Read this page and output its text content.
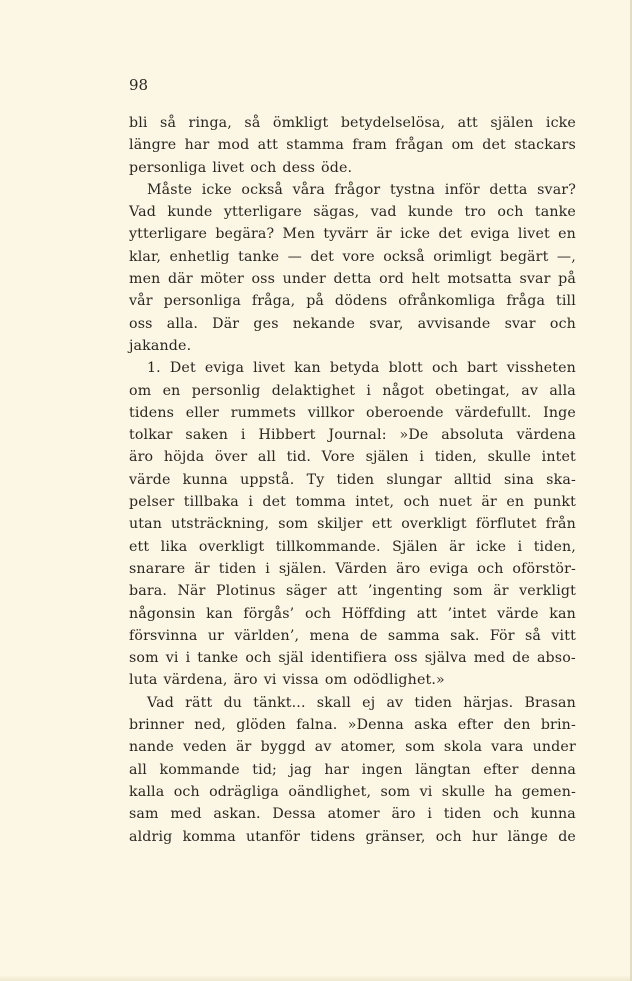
98
bli så ringa, så ömkligt betydelselösa, att själen icke
längre har mod att stamma fram frågan om det stackars
personliga livet och dess öde.
Måste icke också våra frågor tystna inför detta svar?
Vad kunde ytterligare sägas, vad kunde tro och tanke
ytterligare begära? Men tyvärr är icke det eviga livet en
klar, enhetlig tanke — det vore också orimligt begärt —,
men där möter oss under detta ord helt motsatta svar på
vår personliga fråga, på dödens ofrånkomliga fråga till
oss alla. Där ges nekande svar, avvisande svar och
jakande.
1. Det eviga livet kan betyda blott och bart vissheten
om en personlig delaktighet i något obetingat, av alla
tidens eller rummets villkor oberoende värdefullt. Inge
tolkar saken i Hibbert Journal: »De absoluta värdena
äro höjda över all tid. Vore själen i tiden, skulle intet
värde kunna uppstå. Ty tiden slungar alltid sina ska-
pelser tillbaka i det tomma intet, och nuet är en punkt
utan utsträckning, som skiljer ett overkligt förflutet från
ett lika overkligt tillkommande. Själen är icke i tiden,
snarare är tiden i själen. Värden äro eviga och oförstör-
bara. När Plotinus säger att ’ingenting som är verkligt
någonsin kan förgås’ och Höffding att ’intet värde kan
försvinna ur världen’, mena de samma sak. För så vitt
som vi i tanke och själ identifiera oss själva med de abso-
luta värdena, äro vi vissa om odödlighet.»
Vad rätt du tänkt... skall ej av tiden härjas. Brasan
brinner ned, glöden falna. »Denna aska efter den brin-
nande veden är byggd av atomer, som skola vara under
all kommande tid; jag har ingen längtan efter denna
kalla och odrägliga oändlighet, som vi skulle ha gemen-
sam med askan. Dessa atomer äro i tiden och kunna
aldrig komma utanför tidens gränser, och hur länge de
